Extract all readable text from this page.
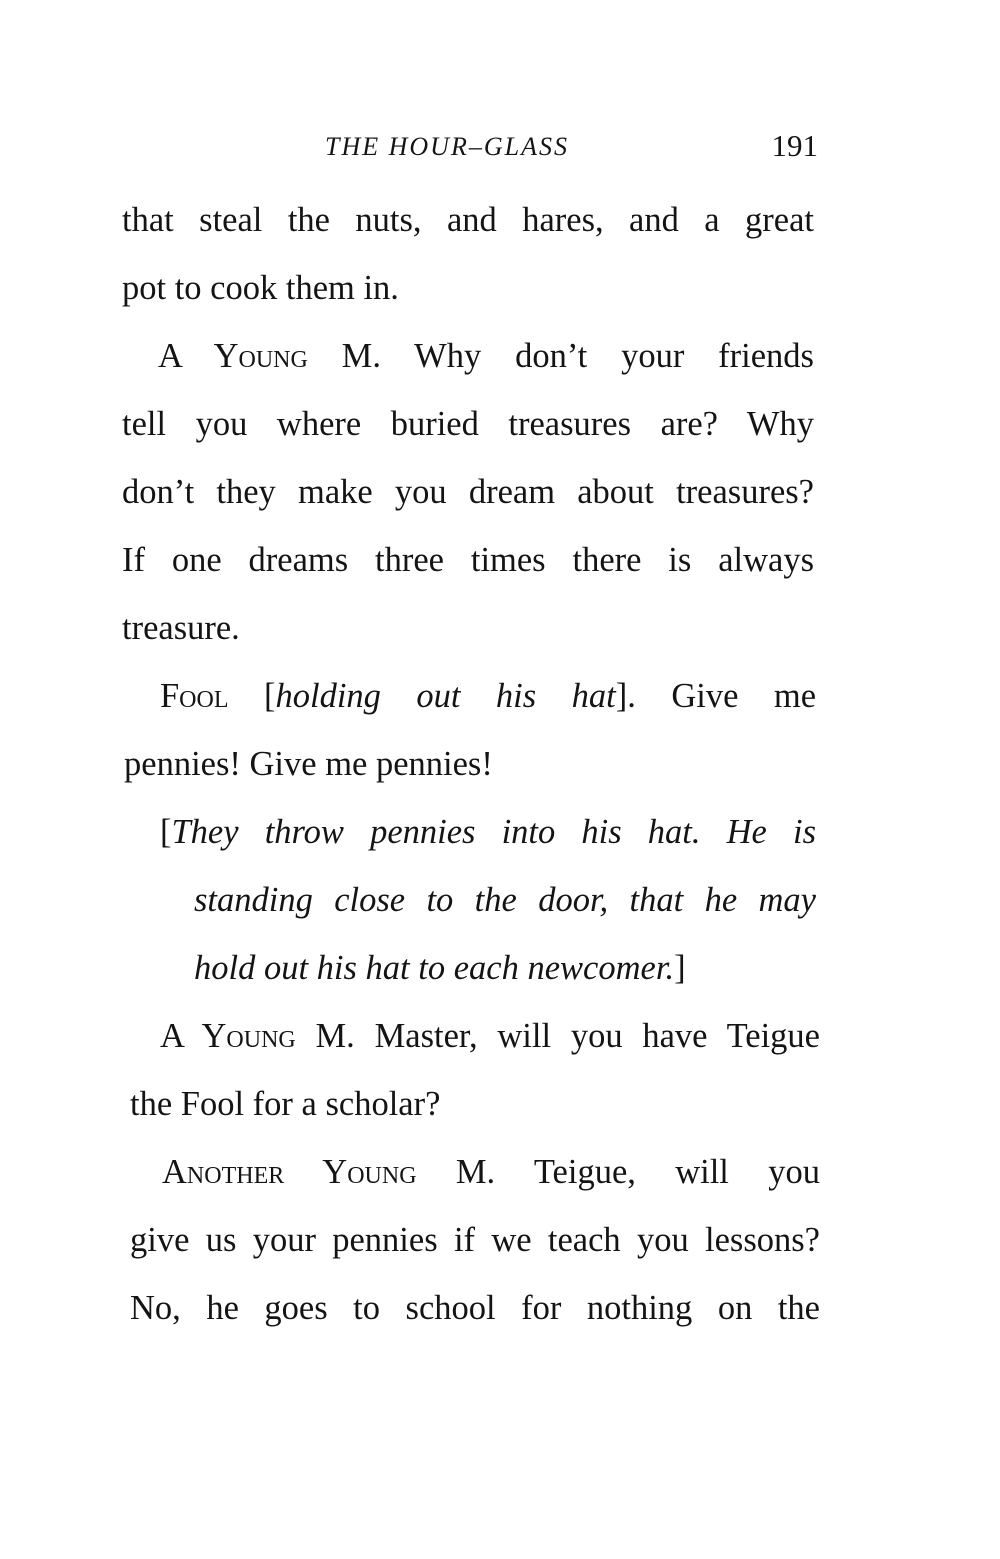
THE HOUR–GLASS	191
that steal the nuts, and hares, and a great
pot to cook them in.
A Young M. Why don’t your friends
tell you where buried treasures are? Why
don’t they make you dream about treasures?
If one dreams three times there is always
treasure.
Fool [holding out his hat]. Give me
pennies! Give me pennies!
[They throw pennies into his hat. He is
standing close to the door, that he may
hold out his hat to each newcomer.]
A Young M. Master, will you have Teigue
the Fool for a scholar?
Another Young M. Teigue, will you
give us your pennies if we teach you lessons?
No, he goes to school for nothing on the
